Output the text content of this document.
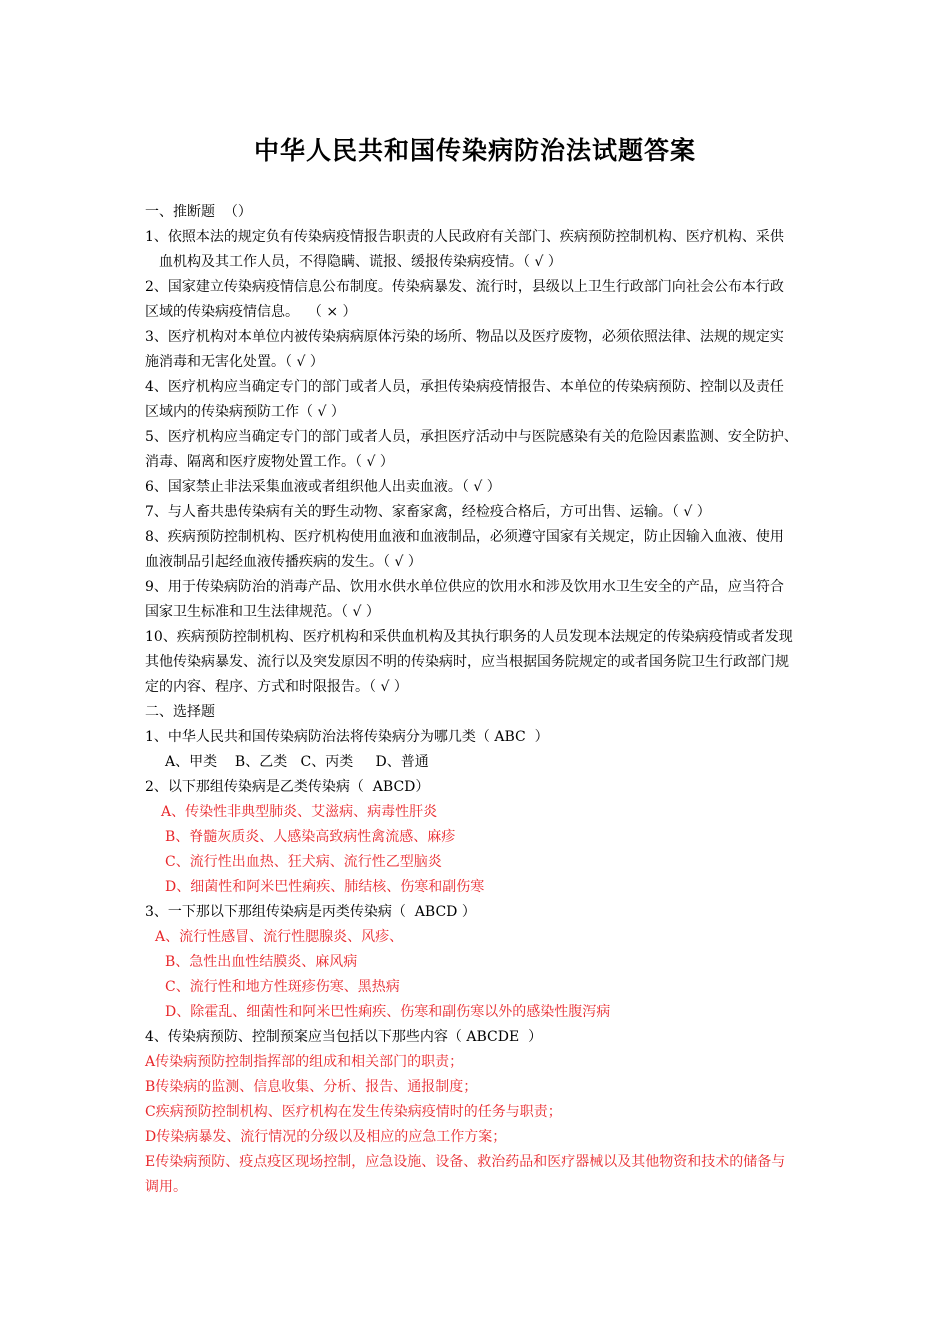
中华人民共和国传染病防治法试题答案
一、推断题  （）
1、依照本法的规定负有传染病疫情报告职责的人民政府有关部门、疾病预防控制机构、医疗机构、采供
血机构及其工作人员，不得隐瞒、谎报、缓报传染病疫情。（ √ ）
2、国家建立传染病疫情信息公布制度。传染病暴发、流行时，县级以上卫生行政部门向社会公布本行政
区域的传染病疫情信息。  （ × ）
3、医疗机构对本单位内被传染病病原体污染的场所、物品以及医疗废物，必须依照法律、法规的规定实
施消毒和无害化处置。（ √ ）
4、医疗机构应当确定专门的部门或者人员，承担传染病疫情报告、本单位的传染病预防、控制以及责任
区域内的传染病预防工作（ √ ）
5、医疗机构应当确定专门的部门或者人员，承担医疗活动中与医院感染有关的危险因素监测、安全防护、
消毒、隔离和医疗废物处置工作。（ √ ）
6、国家禁止非法采集血液或者组织他人出卖血液。（ √ ）
7、与人畜共患传染病有关的野生动物、家畜家禽，经检疫合格后，方可出售、运输。（ √ ）
8、疾病预防控制机构、医疗机构使用血液和血液制品，必须遵守国家有关规定，防止因输入血液、使用
血液制品引起经血液传播疾病的发生。（ √ ）
9、用于传染病防治的消毒产品、饮用水供水单位供应的饮用水和涉及饮用水卫生安全的产品，应当符合
国家卫生标准和卫生法律规范。（ √ ）
10、疾病预防控制机构、医疗机构和采供血机构及其执行职务的人员发现本法规定的传染病疫情或者发现
其他传染病暴发、流行以及突发原因不明的传染病时，应当根据国务院规定的或者国务院卫生行政部门规
定的内容、程序、方式和时限报告。（ √ ）
二、选择题
1、中华人民共和国传染病防治法将传染病分为哪几类（ ABC  ）
A、甲类    B、乙类   C、丙类     D、普通
2、以下那组传染病是乙类传染病（  ABCD）
A、传染性非典型肺炎、艾滋病、病毒性肝炎
B、脊髓灰质炎、人感染高致病性禽流感、麻疹
C、流行性出血热、狂犬病、流行性乙型脑炎
D、细菌性和阿米巴性痢疾、肺结核、伤寒和副伤寒
3、一下那以下那组传染病是丙类传染病（  ABCD ）
A、流行性感冒、流行性腮腺炎、风疹、
B、急性出血性结膜炎、麻风病
C、流行性和地方性斑疹伤寒、黑热病
D、除霍乱、细菌性和阿米巴性痢疾、伤寒和副伤寒以外的感染性腹泻病
4、传染病预防、控制预案应当包括以下那些内容（ ABCDE  ）
A传染病预防控制指挥部的组成和相关部门的职责；
B传染病的监测、信息收集、分析、报告、通报制度；
C疾病预防控制机构、医疗机构在发生传染病疫情时的任务与职责；
D传染病暴发、流行情况的分级以及相应的应急工作方案；
E传染病预防、疫点疫区现场控制，应急设施、设备、救治药品和医疗器械以及其他物资和技术的储备与
调用。
